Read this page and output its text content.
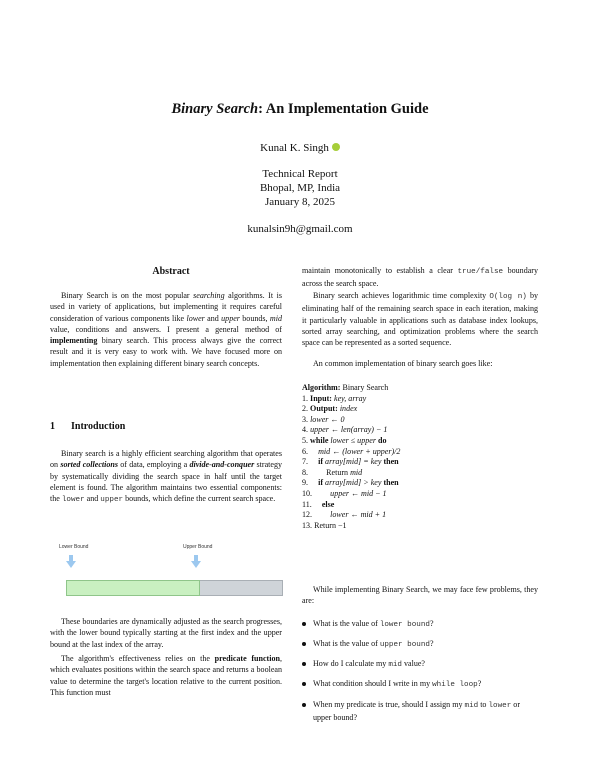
Binary Search: An Implementation Guide
Kunal K. Singh
Technical Report
Bhopal, MP, India
January 8, 2025
kunalsin9h@gmail.com
Abstract

Binary Search is on the most popular searching algorithms. It is used in variety of applications, but implementing it requires careful consideration of various components like lower and upper bounds, mid value, conditions and answers. I present a general method of implementing binary search. This process always give the correct result and it is very easy to work with. We have focused more on implementation then explaining different binary search concepts.

1 Introduction

Binary search is a highly efficient searching algorithm that operates on sorted collections of data, employing a divide-and-conquer strategy by systematically dividing the search space in half until the target element is found. The algorithm maintains two essential components: the lower and upper bounds, which define the current search space.

Lower Bound	Upper Bound

These boundaries are dynamically adjusted as the search progresses, with the lower bound typically starting at the first index and the upper bound at the last index of the array.

The algorithm's effectiveness relies on the predicate function, which evaluates positions within the search space and returns a boolean value to determine the target's location relative to the current position. This function must

maintain monotonically to establish a clear true/false boundary across the search space.

Binary search achieves logarithmic time complexity O(log n) by eliminating half of the remaining search space in each iteration, making it particularly valuable in applications such as database index lookups, sorted array searching, and optimization problems where the search space can be represented as a sorted sequence.

An common implementation of binary search goes like:

Algorithm: Binary Search
1. Input: key, array
2. Output: index
3. lower ← 0
4. upper ← len(array) − 1
5. while lower ≤ upper do
6. mid ← (lower + upper)/2
7.     if array[mid] = key then
8.         Return mid
9.     if array[mid] > key then
10. upper ← mid − 1
11.     else
12. lower ← mid + 1
13. Return −1

While implementing Binary Search, we may face few problems, they are:

What is the value of lower bound?
What is the value of upper bound?
How do I calculate my mid value?
What condition should I write in my while loop?
When my predicate is true, should I assign my mid to lower or upper bound?
